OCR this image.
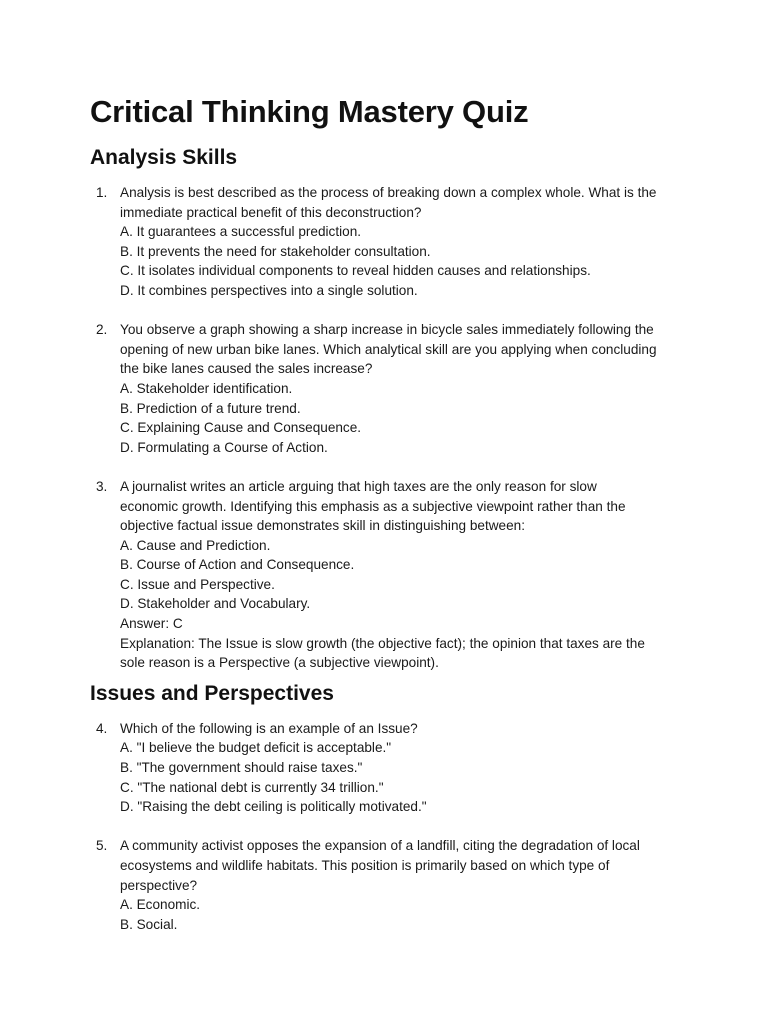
Critical Thinking Mastery Quiz
Analysis Skills
1. Analysis is best described as the process of breaking down a complex whole. What is the
immediate practical benefit of this deconstruction?
A. It guarantees a successful prediction.
B. It prevents the need for stakeholder consultation.
C. It isolates individual components to reveal hidden causes and relationships.
D. It combines perspectives into a single solution.
2. You observe a graph showing a sharp increase in bicycle sales immediately following the
opening of new urban bike lanes. Which analytical skill are you applying when concluding
the bike lanes caused the sales increase?
A. Stakeholder identification.
B. Prediction of a future trend.
C. Explaining Cause and Consequence.
D. Formulating a Course of Action.
3. A journalist writes an article arguing that high taxes are the only reason for slow
economic growth. Identifying this emphasis as a subjective viewpoint rather than the
objective factual issue demonstrates skill in distinguishing between:
A. Cause and Prediction.
B. Course of Action and Consequence.
C. Issue and Perspective.
D. Stakeholder and Vocabulary.
Answer: C
Explanation: The Issue is slow growth (the objective fact); the opinion that taxes are the
sole reason is a Perspective (a subjective viewpoint).
Issues and Perspectives
4. Which of the following is an example of an Issue?
A. "I believe the budget deficit is acceptable."
B. "The government should raise taxes."
C. "The national debt is currently 34 trillion."
D. "Raising the debt ceiling is politically motivated."
5. A community activist opposes the expansion of a landfill, citing the degradation of local
ecosystems and wildlife habitats. This position is primarily based on which type of
perspective?
A. Economic.
B. Social.
